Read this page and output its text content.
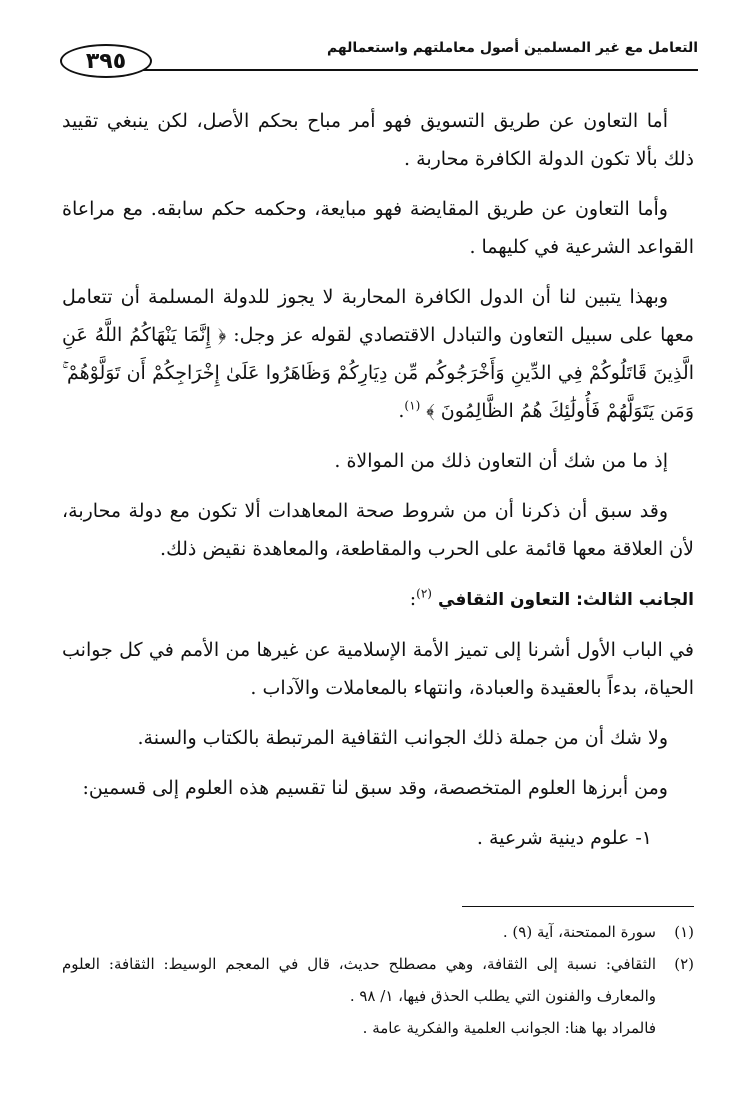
٣٩٥
التعامل مع غير المسلمين أصول معاملتهم واستعمالهم

أما التعاون عن طريق التسويق فهو أمر مباح بحكم الأصل، لكن ينبغي تقييد ذلك بألا تكون الدولة الكافرة محاربة .

وأما التعاون عن طريق المقايضة فهو مبايعة، وحكمه حكم سابقه. مع مراعاة القواعد الشرعية في كليهما .

وبهذا يتبين لنا أن الدول الكافرة المحاربة لا يجوز للدولة المسلمة أن تتعامل معها على سبيل التعاون والتبادل الاقتصادي لقوله عز وجل: ﴿ إِنَّمَا يَنْهَاكُمُ اللَّهُ عَنِ الَّذِينَ قَاتَلُوكُمْ فِي الدِّينِ وَأَخْرَجُوكُم مِّن دِيَارِكُمْ وَظَاهَرُوا عَلَىٰ إِخْرَاجِكُمْ أَن تَوَلَّوْهُمْ ۚ وَمَن يَتَوَلَّهُمْ فَأُولَٰئِكَ هُمُ الظَّالِمُونَ ﴾ $^{(١)}$.

إذ ما من شك أن التعاون ذلك من الموالاة .

وقد سبق أن ذكرنا أن من شروط صحة المعاهدات ألا تكون مع دولة محاربة، لأن العلاقة معها قائمة على الحرب والمقاطعة، والمعاهدة نقيض ذلك.

الجانب الثالث: التعاون الثقافي $^{(٢)}$:

في الباب الأول أشرنا إلى تميز الأمة الإسلامية عن غيرها من الأمم في كل جوانب الحياة، بدءاً بالعقيدة والعبادة، وانتهاء بالمعاملات والآداب .

ولا شك أن من جملة ذلك الجوانب الثقافية المرتبطة بالكتاب والسنة.

ومن أبرزها العلوم المتخصصة، وقد سبق لنا تقسيم هذه العلوم إلى قسمين:

١- علوم دينية شرعية .

(١)
سورة الممتحنة، آية (٩) .
(٢)
الثقافي: نسبة إلى الثقافة، وهي مصطلح حديث، قال في المعجم الوسيط: الثقافة: العلوم والمعارف والفنون التي يطلب الحذق فيها، ١/ ٩٨ .
فالمراد بها هنا: الجوانب العلمية والفكرية عامة .
